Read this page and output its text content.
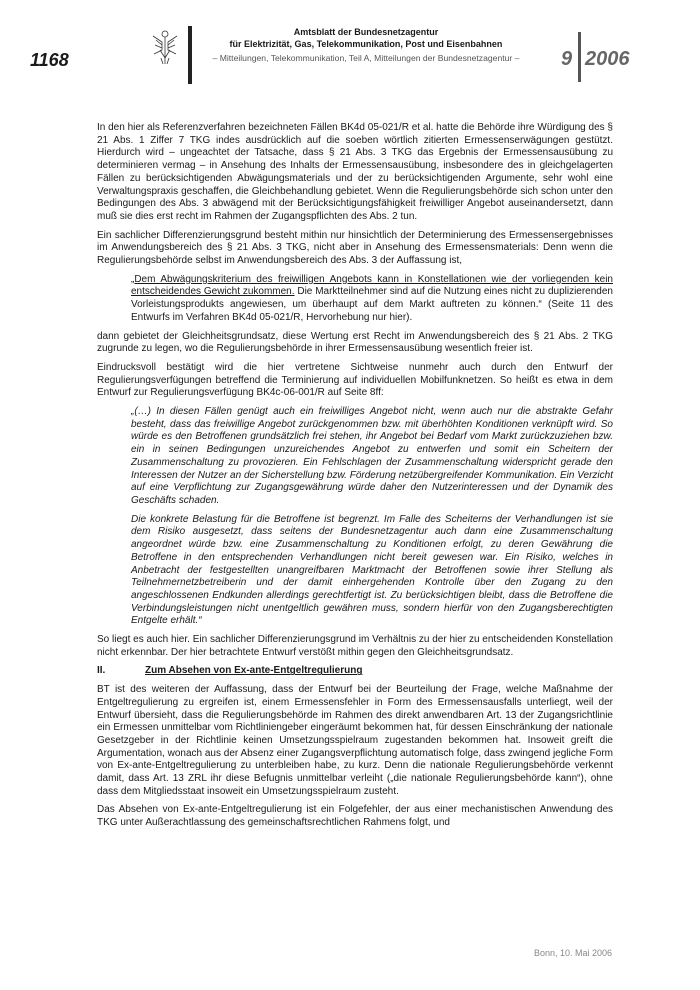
1168
Amtsblatt der Bundesnetzagentur
für Elektrizität, Gas, Telekommunikation, Post und Eisenbahnen
– Mitteilungen, Telekommunikation, Teil A, Mitteilungen der Bundesnetzagentur –	9 2006

In den hier als Referenzverfahren bezeichneten Fällen BK4d 05-021/R et al. hatte die Behörde ihre Würdigung des § 21 Abs. 1 Ziffer 7 TKG indes ausdrücklich auf die soeben wörtlich zitierten Ermessenserwägungen gestützt. Hierdurch wird – ungeachtet der Tatsache, dass § 21 Abs. 3 TKG das Ergebnis der Ermessensausübung zu determinieren vermag – in Ansehung des Inhalts der Ermessensausübung, insbesondere des in gleichgelagerten Fällen zu berücksichtigenden Abwägungsmaterials und der zu berücksichtigenden Argumente, sehr wohl eine Verwaltungspraxis geschaffen, die Gleichbehandlung gebietet. Wenn die Regulierungsbehörde sich schon unter den Bedingungen des Abs. 3 abwägend mit der Berücksichtigungsfähigkeit freiwilliger Angebot auseinandersetzt, dann muß sie dies erst recht im Rahmen der Zugangspflichten des Abs. 2 tun.

Ein sachlicher Differenzierungsgrund besteht mithin nur hinsichtlich der Determinierung des Ermessensergebnisses im Anwendungsbereich des § 21 Abs. 3 TKG, nicht aber in Ansehung des Ermessensmaterials: Denn wenn die Regulierungsbehörde selbst im Anwendungsbereich des Abs. 3 der Auffassung ist,

„Dem Abwägungskriterium des freiwilligen Angebots kann in Konstellationen wie der vorliegenden kein entscheidendes Gewicht zukommen. Die Marktteilnehmer sind auf die Nutzung eines nicht zu duplizierenden Vorleistungsprodukts angewiesen, um überhaupt auf dem Markt auftreten zu können.“ (Seite 11 des Entwurfs im Verfahren BK4d 05-021/R, Hervorhebung nur hier).

dann gebietet der Gleichheitsgrundsatz, diese Wertung erst Recht im Anwendungsbereich des § 21 Abs. 2 TKG zugrunde zu legen, wo die Regulierungsbehörde in ihrer Ermessensausübung wesentlich freier ist.

Eindrucksvoll bestätigt wird die hier vertretene Sichtweise nunmehr auch durch den Entwurf der Regulierungsverfügungen betreffend die Terminierung auf individuellen Mobilfunknetzen. So heißt es etwa in dem Entwurf zur Regulierungsverfügung BK4c-06-001/R auf Seite 8ff:

„(…) In diesen Fällen genügt auch ein freiwilliges Angebot nicht, wenn auch nur die abstrakte Gefahr besteht, dass das freiwillige Angebot zurückgenommen bzw. mit überhöhten Konditionen verknüpft wird. So würde es den Betroffenen grundsätzlich frei stehen, ihr Angebot bei Bedarf vom Markt zurückzuziehen bzw. ein in seinen Bedingungen unzureichendes Angebot zu entwerfen und somit ein Scheitern der Zusammenschaltung zu provozieren. Ein Fehlschlagen der Zusammenschaltung widerspricht gerade den Interessen der Nutzer an der Sicherstellung bzw. Förderung netzübergreifender Kommunikation. Ein Verzicht auf eine Verpflichtung zur Zugangsgewährung würde daher den Nutzerinteressen und der Dynamik des Geschäfts schaden.

Die konkrete Belastung für die Betroffene ist begrenzt. Im Falle des Scheiterns der Verhandlungen ist sie dem Risiko ausgesetzt, dass seitens der Bundesnetzagentur auch dann eine Zusammenschaltung angeordnet würde bzw. eine Zusammenschaltung zu Konditionen erfolgt, zu deren Gewährung die Betroffene in den entsprechenden Verhandlungen nicht bereit gewesen war. Ein Risiko, welches in Anbetracht der festgestellten unangreifbaren Marktmacht der Betroffenen sowie ihrer Stellung als Teilnehmernetzbetreiberin und der damit einhergehenden Kontrolle über den Zugang zu den angeschlossenen Endkunden allerdings gerechtfertigt ist. Zu berücksichtigen bleibt, dass die Betroffene die Verbindungsleistungen nicht unentgeltlich gewähren muss, sondern hierfür von den Zugangsberechtigten Entgelte erhält.“

So liegt es auch hier. Ein sachlicher Differenzierungsgrund im Verhältnis zu der hier zu entscheidenden Konstellation nicht erkennbar. Der hier betrachtete Entwurf verstößt mithin gegen den Gleichheitsgrundsatz.

II.	Zum Absehen von Ex-ante-Entgeltregulierung

BT ist des weiteren der Auffassung, dass der Entwurf bei der Beurteilung der Frage, welche Maßnahme der Entgeltregulierung zu ergreifen ist, einem Ermessensfehler in Form des Ermessensausfalls unterliegt, weil der Entwurf übersieht, dass die Regulierungsbehörde im Rahmen des direkt anwendbaren Art. 13 der Zugangsrichtlinie ein Ermessen unmittelbar vom Richtliniengeber eingeräumt bekommen hat, für dessen Einschränkung der nationale Gesetzgeber in der Richtlinie keinen Umsetzungsspielraum zugestanden bekommen hat. Insoweit greift die Argumentation, wonach aus der Absenz einer Zugangsverpflichtung automatisch folge, dass zwingend jegliche Form von Ex-ante-Entgeltregulierung zu unterbleiben habe, zu kurz. Denn die nationale Regulierungsbehörde verkennt damit, dass Art. 13 ZRL ihr diese Befugnis unmittelbar verleiht („die nationale Regulierungsbehörde kann“), ohne dass dem Mitgliedsstaat insoweit ein Umsetzungsspielraum zusteht.

Das Absehen von Ex-ante-Entgeltregulierung ist ein Folgefehler, der aus einer mechanistischen Anwendung des TKG unter Außerachtlassung des gemeinschaftsrechtlichen Rahmens folgt, und

Bonn, 10. Mai 2006
